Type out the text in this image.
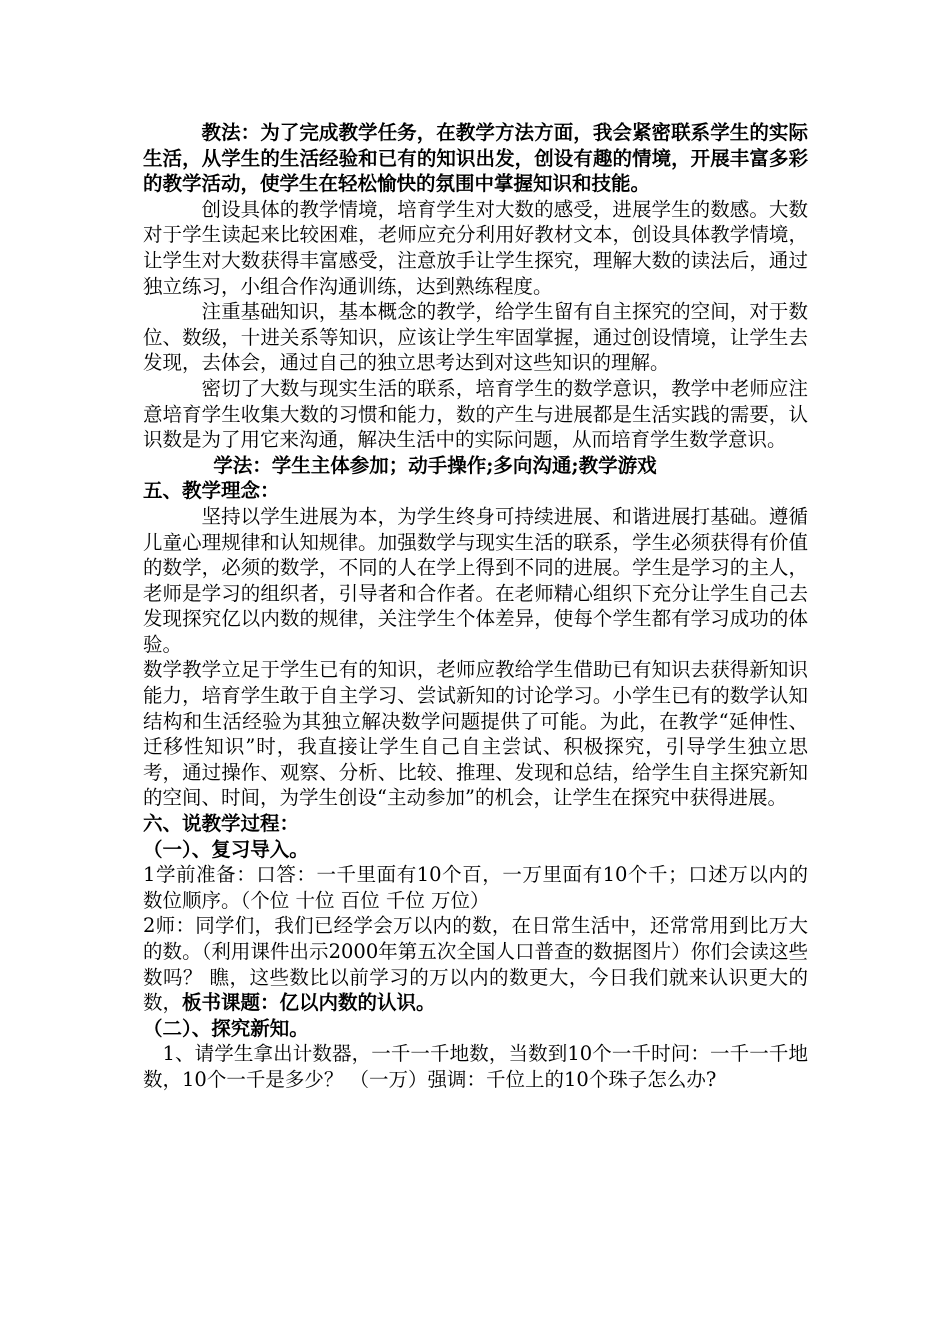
教法：为了完成教学任务，在教学方法方面，我会紧密联系学生的实际生活，从学生的生活经验和已有的知识出发，创设有趣的情境，开展丰富多彩的教学活动，使学生在轻松愉快的氛围中掌握知识和技能。

创设具体的教学情境，培育学生对大数的感受，进展学生的数感。大数对于学生读起来比较困难，老师应充分利用好教材文本，创设具体教学情境，让学生对大数获得丰富感受，注意放手让学生探究，理解大数的读法后，通过独立练习，小组合作沟通训练，达到熟练程度。

注重基础知识，基本概念的教学，给学生留有自主探究的空间，对于数位、数级，十进关系等知识，应该让学生牢固掌握，通过创设情境，让学生去发现，去体会，通过自己的独立思考达到对这些知识的理解。

密切了大数与现实生活的联系，培育学生的数学意识，教学中老师应注意培育学生收集大数的习惯和能力，数的产生与进展都是生活实践的需要，认识数是为了用它来沟通，解决生活中的实际问题，从而培育学生数学意识。

学法：学生主体参加；动手操作;多向沟通;教学游戏

五、教学理念：

坚持以学生进展为本，为学生终身可持续进展、和谐进展打基础。遵循儿童心理规律和认知规律。加强数学与现实生活的联系，学生必须获得有价值的数学，必须的数学，不同的人在学上得到不同的进展。学生是学习的主人，老师是学习的组织者，引导者和合作者。在老师精心组织下充分让学生自己去发现探究亿以内数的规律，关注学生个体差异，使每个学生都有学习成功的体验。

数学教学立足于学生已有的知识，老师应教给学生借助已有知识去获得新知识能力，培育学生敢于自主学习、尝试新知的讨论学习。小学生已有的数学认知结构和生活经验为其独立解决数学问题提供了可能。为此，在教学“延伸性、迁移性知识”时，我直接让学生自己自主尝试、积极探究，引导学生独立思考，通过操作、观察、分析、比较、推理、发现和总结，给学生自主探究新知的空间、时间，为学生创设“主动参加”的机会，让学生在探究中获得进展。

六、说教学过程：

（一）、复习导入。

1学前准备：口答：一千里面有10个百，一万里面有10个千；口述万以内的数位顺序。（个位 十位 百位 千位 万位）

2师：同学们，我们已经学会万以内的数，在日常生活中，还常常用到比万大的数。（利用课件出示2000年第五次全国人口普查的数据图片）你们会读这些数吗？ 瞧，这些数比以前学习的万以内的数更大，今日我们就来认识更大的数，板书课题：亿以内数的认识。

（二）、探究新知。

1、请学生拿出计数器，一千一千地数，当数到10个一千时问：一千一千地数，10个一千是多少？ （一万）强调：千位上的10个珠子怎么办?
